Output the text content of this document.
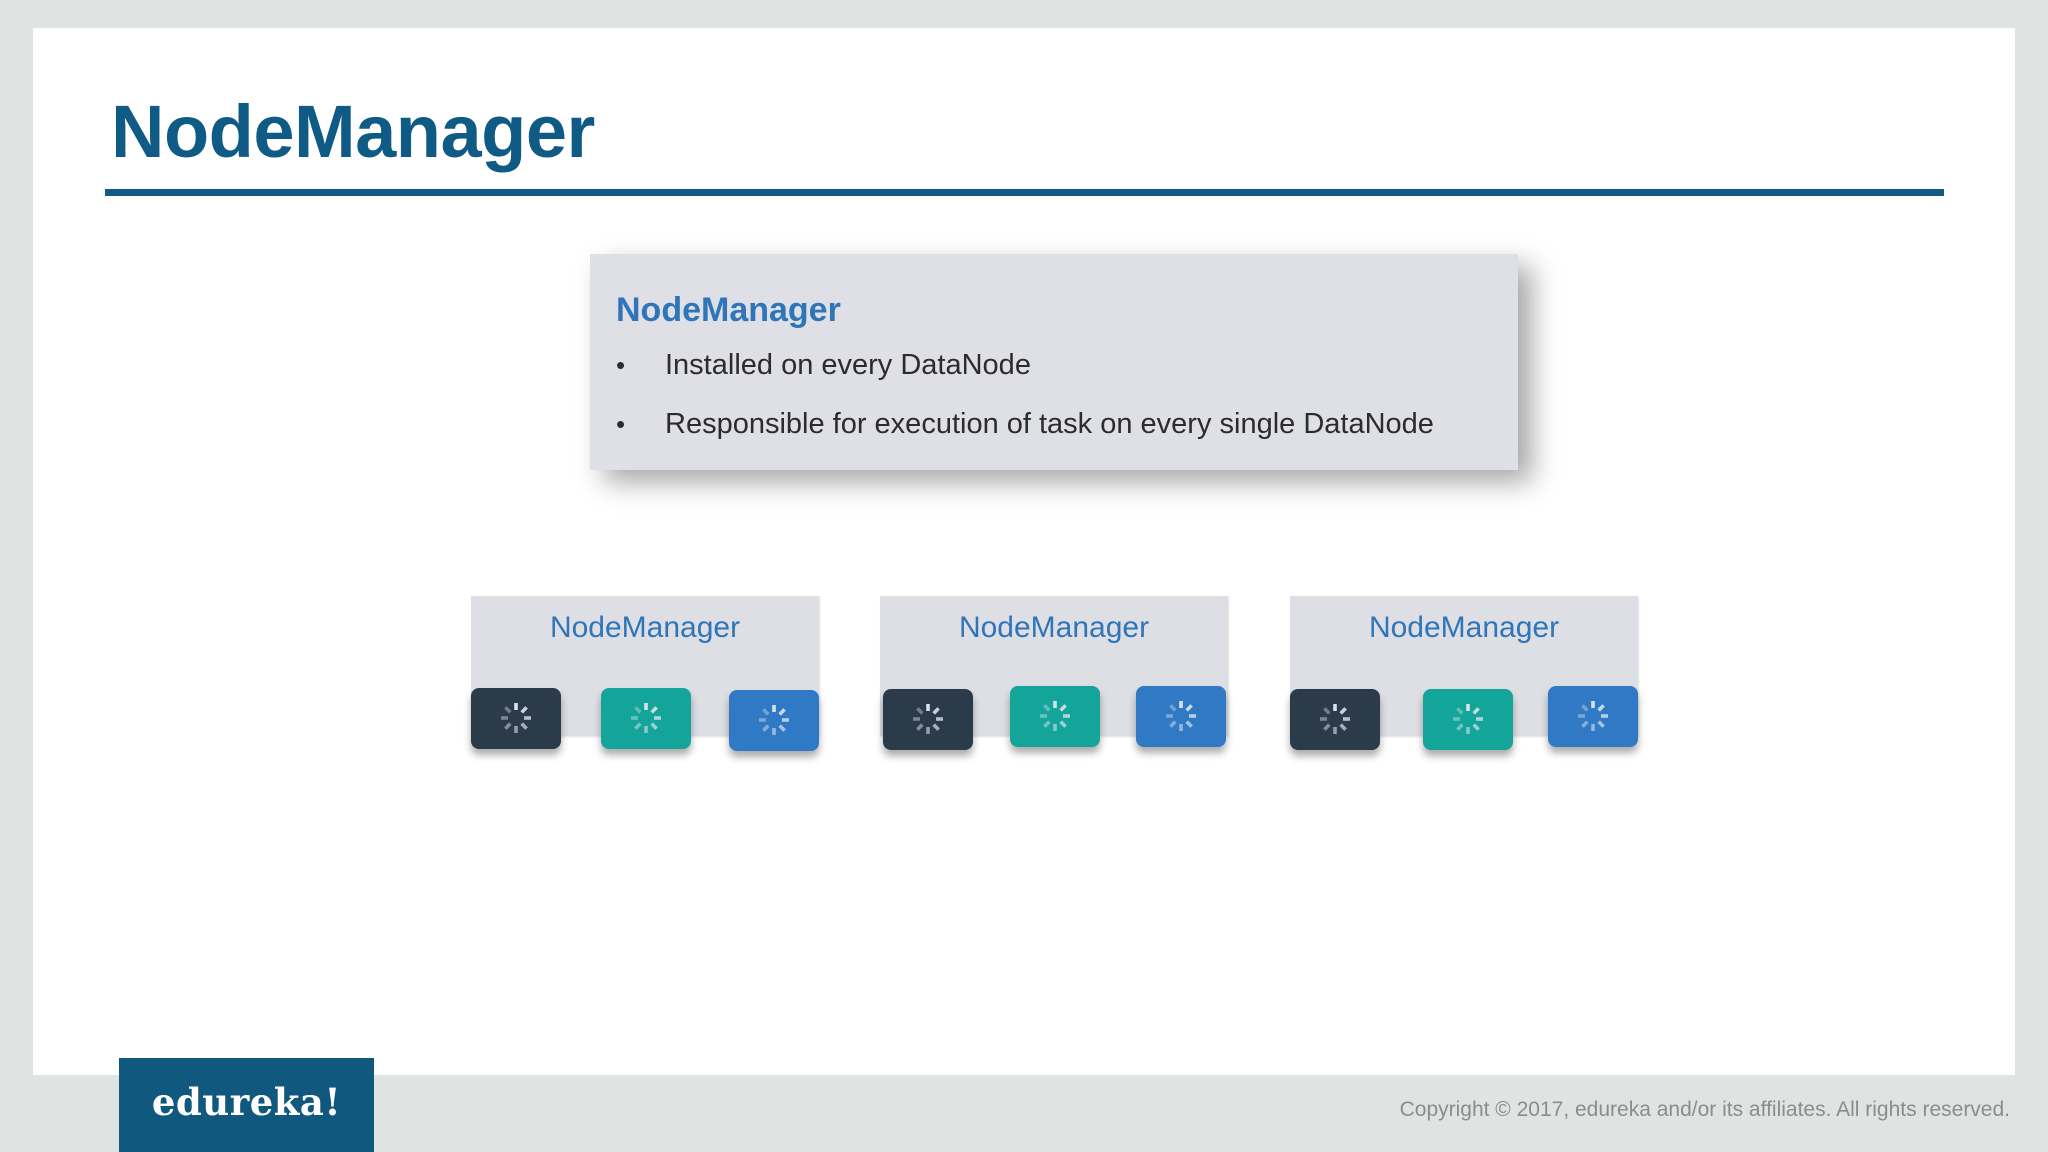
NodeManager
NodeManager
•	Installed on every DataNode
•	Responsible for execution of task on every single DataNode
NodeManager	NodeManager	NodeManager
edureka!	Copyright © 2017, edureka and/or its affiliates. All rights reserved.
